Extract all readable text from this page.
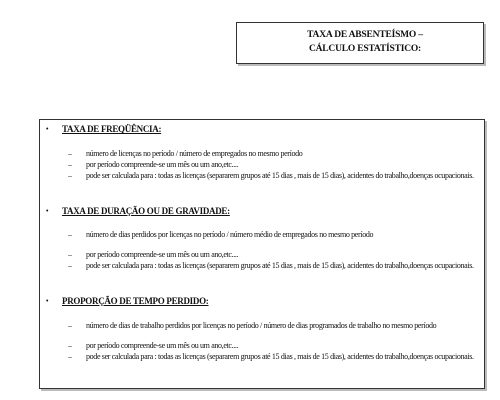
TAXA DE ABSENTEÍSMO –
CÁLCULO ESTATÍSTICO:
• TAXA DE FREQÜÊNCIA:
– número de licenças no período / número de empregados no mesmo período
– por período compreende-se um mês ou um ano,etc....
– pode ser calculada para : todas as licenças (separarem grupos até 15 dias , mais de 15 dias), acidentes do trabalho,doenças ocupacionais.
• TAXA DE DURAÇÃO OU DE GRAVIDADE:
– número de dias perdidos por licenças no período / número médio de empregados no mesmo período
– por período compreende-se um mês ou um ano,etc....
– pode ser calculada para : todas as licenças (separarem grupos até 15 dias , mais de 15 dias), acidentes do trabalho,doenças ocupacionais.
• PROPORÇÃO DE TEMPO PERDIDO:
– número de dias de trabalho perdidos por licenças no período / número de dias programados de trabalho no mesmo período
– por período compreende-se um mês ou um ano,etc....
– pode ser calculada para : todas as licenças (separarem grupos até 15 dias , mais de 15 dias), acidentes do trabalho,doenças ocupacionais.
